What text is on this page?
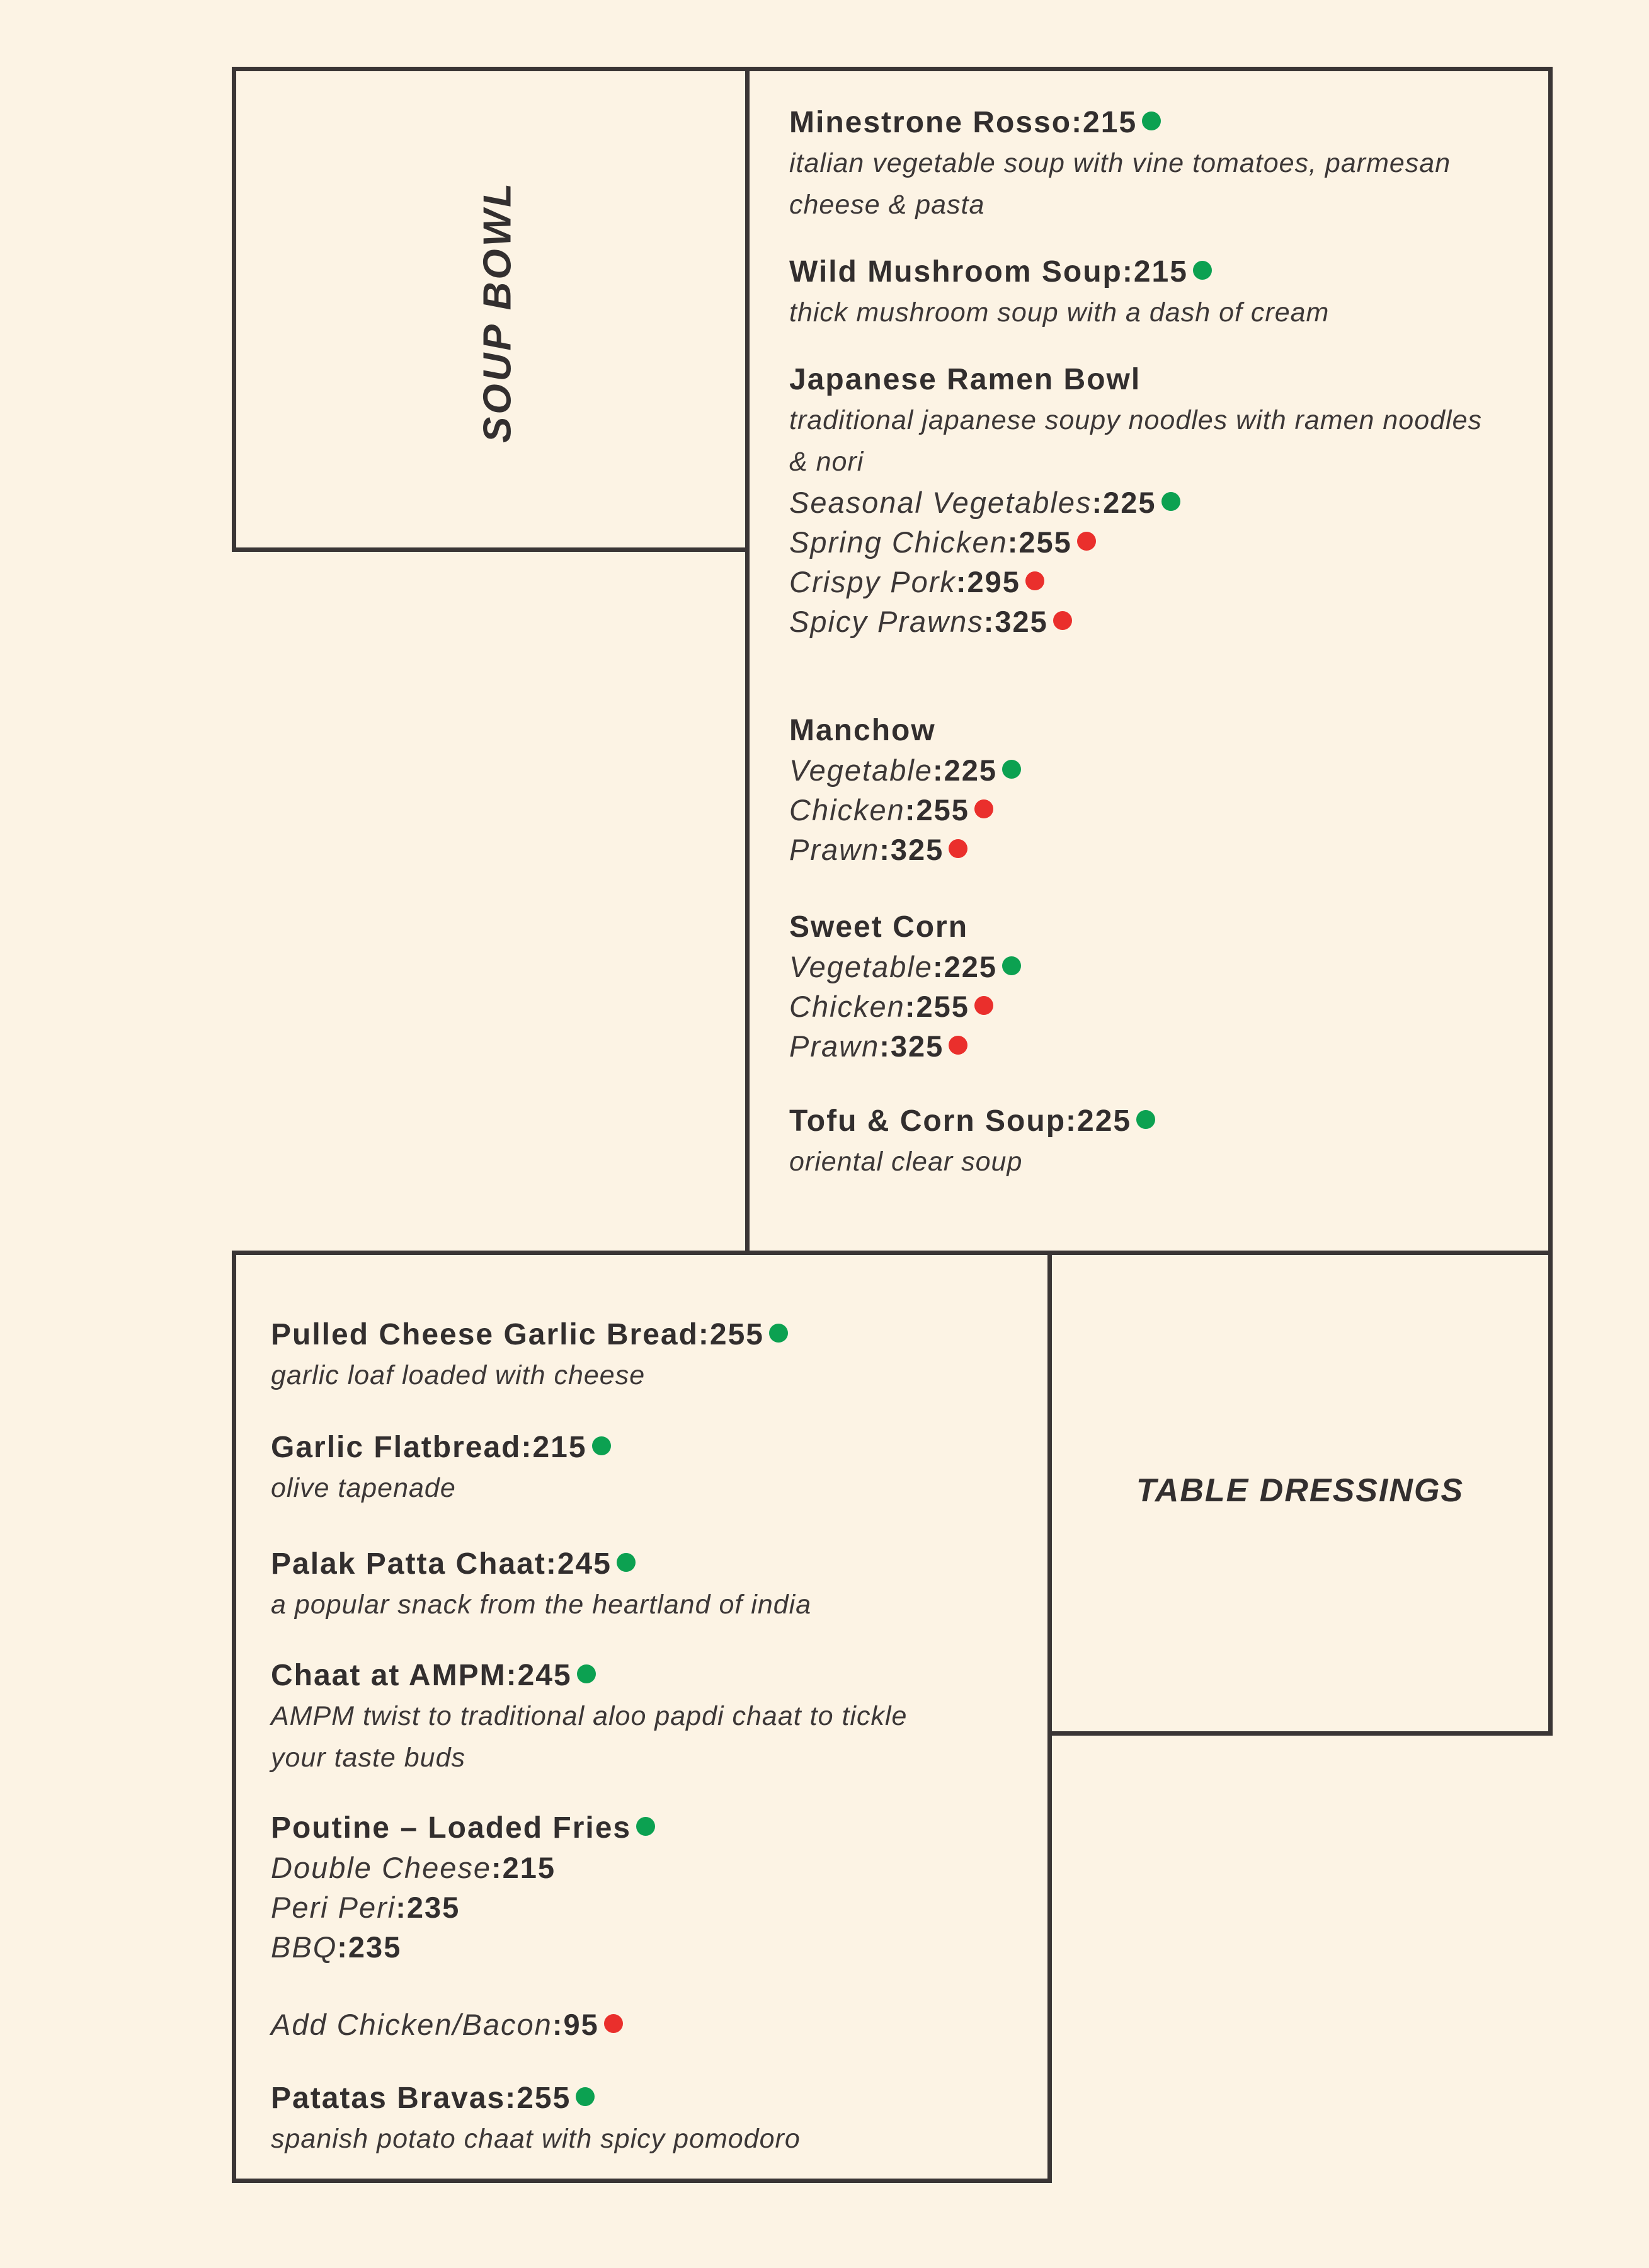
SOUP BOWL
Minestrone Rosso:215
italian vegetable soup with vine tomatoes, parmesan
cheese & pasta
Wild Mushroom Soup:215
thick mushroom soup with a dash of cream
Japanese Ramen Bowl
traditional japanese soupy noodles with ramen noodles
& nori
Seasonal Vegetables:225
Spring Chicken:255
Crispy Pork:295
Spicy Prawns:325
Manchow
Vegetable:225
Chicken:255
Prawn:325
Sweet Corn
Vegetable:225
Chicken:255
Prawn:325
Tofu & Corn Soup:225
oriental clear soup
Pulled Cheese Garlic Bread:255
garlic loaf loaded with cheese
Garlic Flatbread:215
olive tapenade
Palak Patta Chaat:245
a popular snack from the heartland of india
Chaat at AMPM:245
AMPM twist to traditional aloo papdi chaat to tickle
your taste buds
Poutine – Loaded Fries
Double Cheese:215
Peri Peri:235
BBQ:235
Add Chicken/Bacon:95
Patatas Bravas:255
spanish potato chaat with spicy pomodoro
TABLE DRESSINGS
